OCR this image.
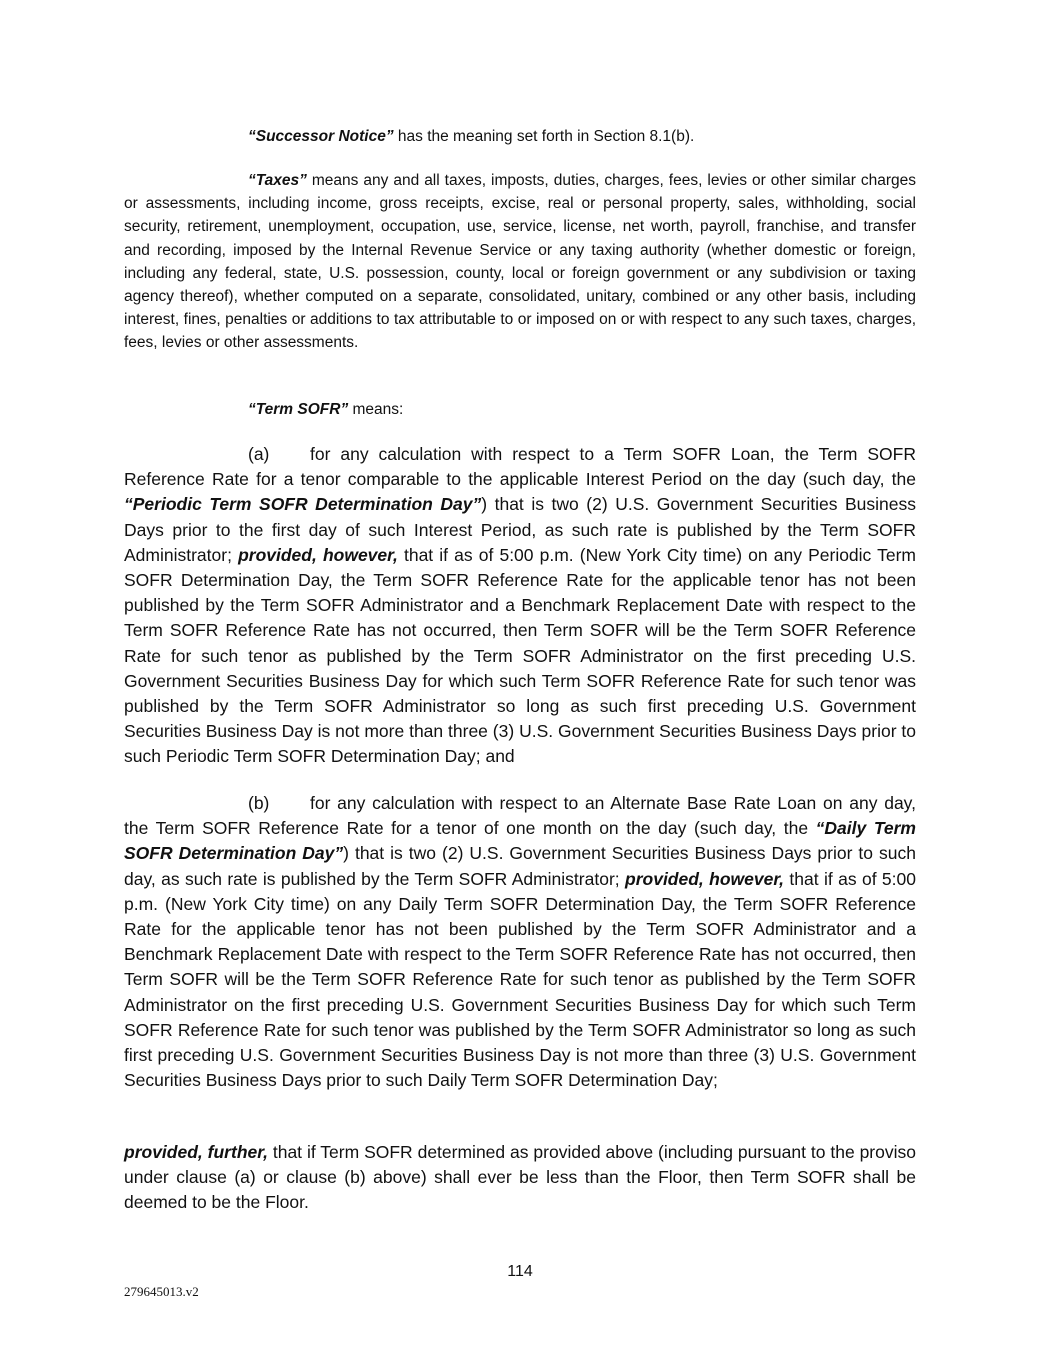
“Successor Notice” has the meaning set forth in Section 8.1(b).

“Taxes” means any and all taxes, imposts, duties, charges, fees, levies or other similar charges or assessments, including income, gross receipts, excise, real or personal property, sales, withholding, social security, retirement, unemployment, occupation, use, service, license, net worth, payroll, franchise, and transfer and recording, imposed by the Internal Revenue Service or any taxing authority (whether domestic or foreign, including any federal, state, U.S. possession, county, local or foreign government or any subdivision or taxing agency thereof), whether computed on a separate, consolidated, unitary, combined or any other basis, including interest, fines, penalties or additions to tax attributable to or imposed on or with respect to any such taxes, charges, fees, levies or other assessments.

“Term SOFR” means:

(a) for any calculation with respect to a Term SOFR Loan, the Term SOFR Reference Rate for a tenor comparable to the applicable Interest Period on the day (such day, the “Periodic Term SOFR Determination Day”) that is two (2) U.S. Government Securities Business Days prior to the first day of such Interest Period, as such rate is published by the Term SOFR Administrator; provided, however, that if as of 5:00 p.m. (New York City time) on any Periodic Term SOFR Determination Day, the Term SOFR Reference Rate for the applicable tenor has not been published by the Term SOFR Administrator and a Benchmark Replacement Date with respect to the Term SOFR Reference Rate has not occurred, then Term SOFR will be the Term SOFR Reference Rate for such tenor as published by the Term SOFR Administrator on the first preceding U.S. Government Securities Business Day for which such Term SOFR Reference Rate for such tenor was published by the Term SOFR Administrator so long as such first preceding U.S. Government Securities Business Day is not more than three (3) U.S. Government Securities Business Days prior to such Periodic Term SOFR Determination Day; and

(b) for any calculation with respect to an Alternate Base Rate Loan on any day, the Term SOFR Reference Rate for a tenor of one month on the day (such day, the “Daily Term SOFR Determination Day”) that is two (2) U.S. Government Securities Business Days prior to such day, as such rate is published by the Term SOFR Administrator; provided, however, that if as of 5:00 p.m. (New York City time) on any Daily Term SOFR Determination Day, the Term SOFR Reference Rate for the applicable tenor has not been published by the Term SOFR Administrator and a Benchmark Replacement Date with respect to the Term SOFR Reference Rate has not occurred, then Term SOFR will be the Term SOFR Reference Rate for such tenor as published by the Term SOFR Administrator on the first preceding U.S. Government Securities Business Day for which such Term SOFR Reference Rate for such tenor was published by the Term SOFR Administrator so long as such first preceding U.S. Government Securities Business Day is not more than three (3) U.S. Government Securities Business Days prior to such Daily Term SOFR Determination Day;

provided, further, that if Term SOFR determined as provided above (including pursuant to the proviso under clause (a) or clause (b) above) shall ever be less than the Floor, then Term SOFR shall be deemed to be the Floor.

114
279645013.v2
